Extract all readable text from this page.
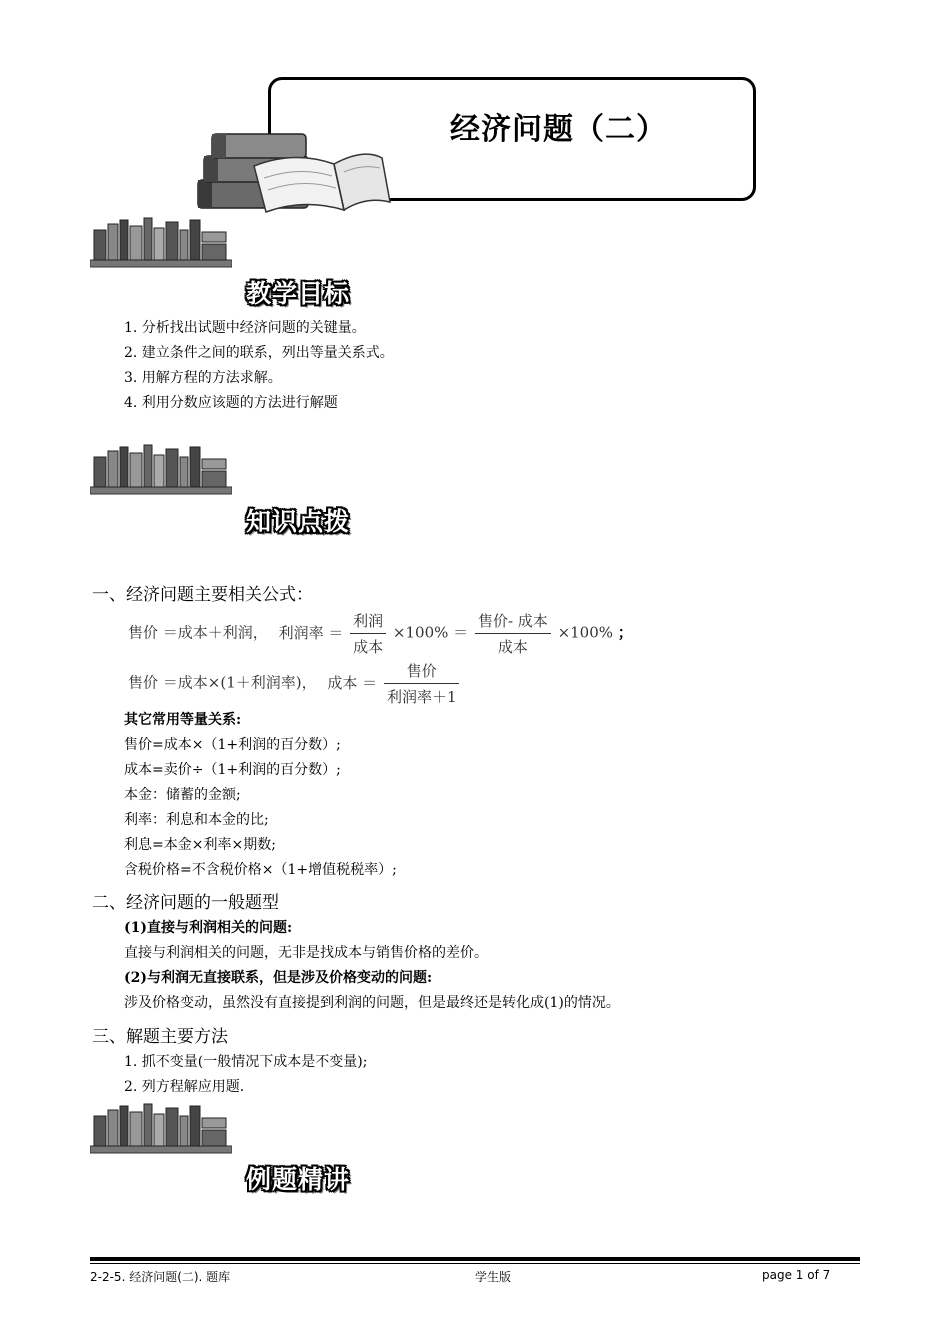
经济问题（二）
教学目标
1. 分析找出试题中经济问题的关键量。
2. 建立条件之间的联系，列出等量关系式。
3. 用解方程的方法求解。
4. 利用分数应该题的方法进行解题
知识点拨
一、经济问题主要相关公式：
售价 ＝成本＋利润， 利润率 ＝ $\frac{\text{利润}}{\text{成本}} \times 100\% = \frac{\text{售价- 成本}}{\text{成本}} \times 100\%$ ；
售价 ＝成本×(1＋利润率)， 成本 ＝ $\frac{\text{售价}}{\text{利润率＋1}}$
其它常用等量关系:
售价=成本×（1+利润的百分数）;
成本=卖价÷（1+利润的百分数）;
本金：储蓄的金额;
利率：利息和本金的比;
利息=本金×利率×期数;
含税价格=不含税价格×（1+增值税税率）;
二、经济问题的一般题型
(1)直接与利润相关的问题:
直接与利润相关的问题，无非是找成本与销售价格的差价。
(2)与利润无直接联系，但是涉及价格变动的问题:
涉及价格变动，虽然没有直接提到利润的问题，但是最终还是转化成(1)的情况。
三、解题主要方法
1. 抓不变量(一般情况下成本是不变量);
2. 列方程解应用题.
例题精讲
2-2-5. 经济问题(二). 题库	学生版	page 1 of 7
